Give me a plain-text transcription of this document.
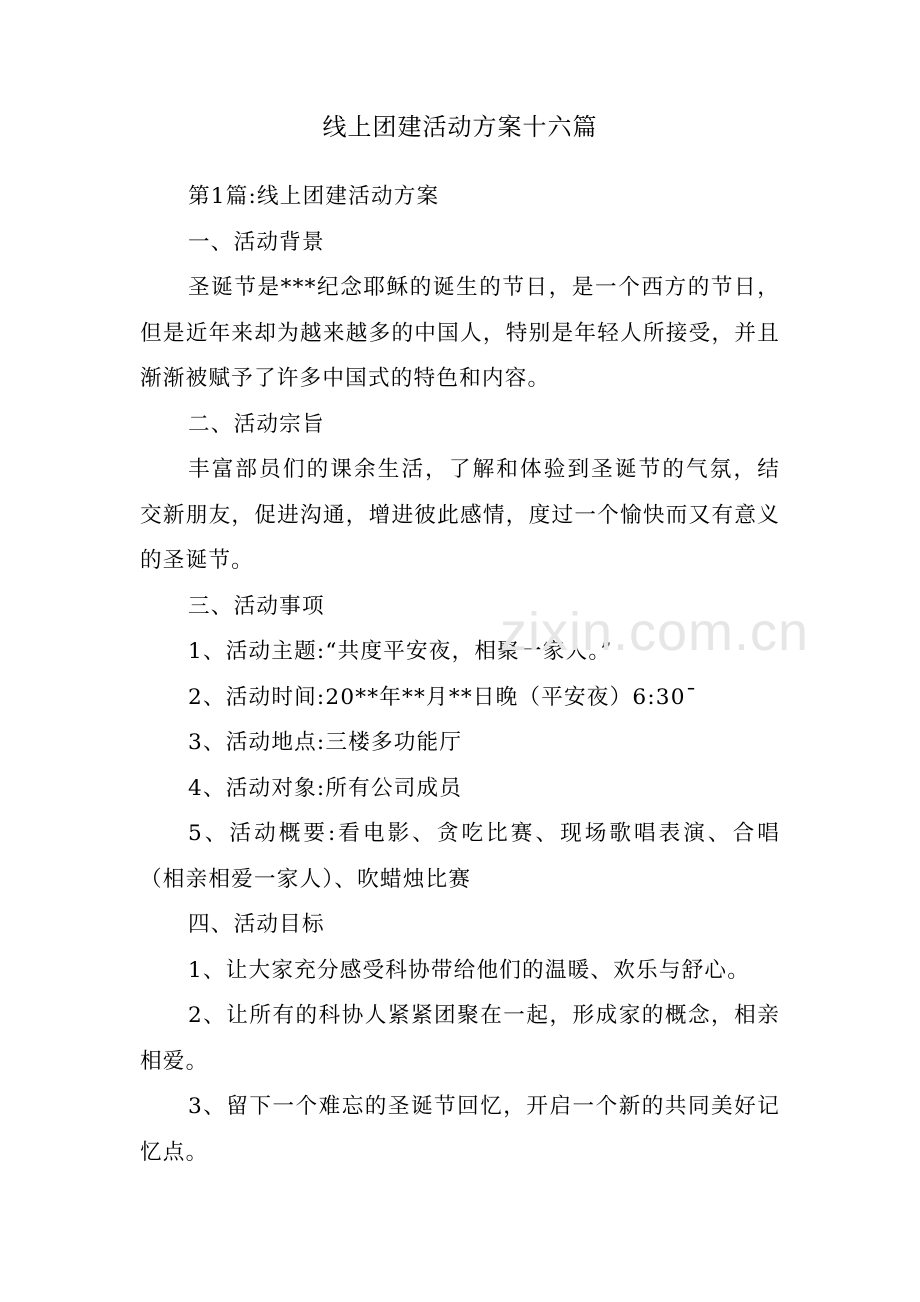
线上团建活动方案十六篇

第1篇:线上团建活动方案

一、活动背景

圣诞节是***纪念耶稣的诞生的节日，是一个西方的节日，但是近年来却为越来越多的中国人，特别是年轻人所接受，并且渐渐被赋予了许多中国式的特色和内容。

二、活动宗旨

丰富部员们的课余生活，了解和体验到圣诞节的气氛，结交新朋友，促进沟通，增进彼此感情，度过一个愉快而又有意义的圣诞节。

三、活动事项

1、活动主题:“共度平安夜，相聚一家人。”

2、活动时间:20**年**月**日晚（平安夜）6:30¯

3、活动地点:三楼多功能厅

4、活动对象:所有公司成员

5、活动概要:看电影、贪吃比赛、现场歌唱表演、合唱（相亲相爱一家人）、吹蜡烛比赛

四、活动目标

1、让大家充分感受科协带给他们的温暖、欢乐与舒心。

2、让所有的科协人紧紧团聚在一起，形成家的概念，相亲相爱。

3、留下一个难忘的圣诞节回忆，开启一个新的共同美好记忆点。

zixin.com.cn
